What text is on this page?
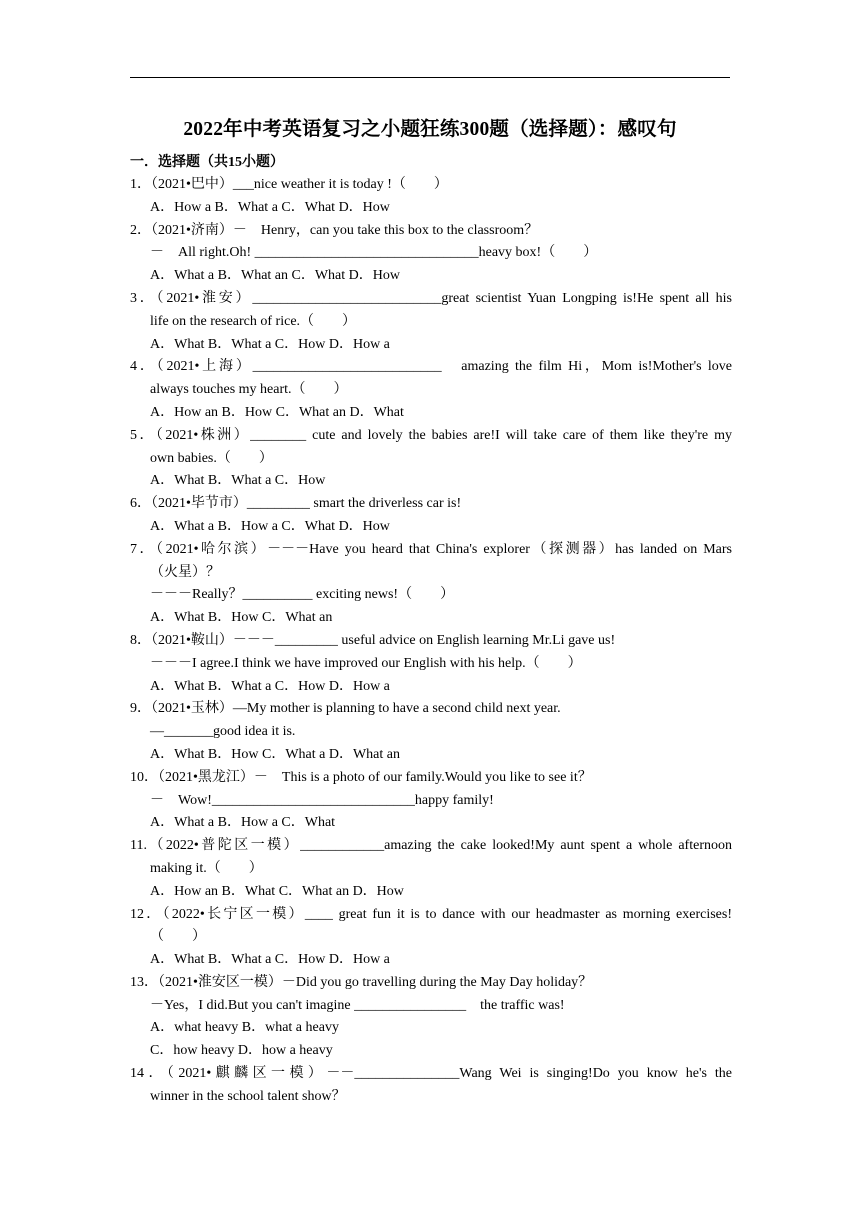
2022年中考英语复习之小题狂练300题（选择题）：感叹句
一．选择题（共15小题）
1．（2021•巴中）___nice weather it is today !（　　）
A．How a B．What a C．What D．How
2．（2021•济南）－　Henry，can you take this box to the classroom？
－　All right.Oh! ________________________________heavy box!（　　）
A．What a B．What an C．What D．How
3．（2021•淮安）___________________________great scientist Yuan Longping is!He spent all his
life on the research of rice.（　　）
A．What B．What a C．How D．How a
4．（2021•上海）___________________________　amazing the film Hi，Mom is!Mother's love
always touches my heart.（　　）
A．How an B．How C．What an D．What
5．（2021•株洲）________ cute and lovely the babies are!I will take care of them like they're my
own babies.（　　）
A．What B．What a C．How
6．（2021•毕节市）_________ smart the driverless car is!
A．What a B．How a C．What D．How
7．（2021•哈尔滨）－－－Have you heard that China's explorer（探测器）has landed on Mars
（火星）？
－－－Really？__________ exciting news!（　　）
A．What B．How C．What an
8．（2021•鞍山）－－－_________ useful advice on English learning Mr.Li gave us!
－－－I agree.I think we have improved our English with his help.（　　）
A．What B．What a C．How D．How a
9．（2021•玉林）—My mother is planning to have a second child next year.
—_______good idea it is.
A．What B．How C．What a D．What an
10．（2021•黑龙江）－　This is a photo of our family.Would you like to see it？
－　Wow!_____________________________happy family!
A．What a B．How a C．What
11.（2022•普陀区一模）____________amazing the cake looked!My aunt spent a whole afternoon
making it.（　　）
A．How an B．What C．What an D．How
12．（2022•长宁区一模）____ great fun it is to dance with our headmaster as morning exercises!
（　　）
A．What B．What a C．How D．How a
13．（2021•淮安区一模）－Did you go travelling during the May Day holiday？
－Yes，I did.But you can't imagine ________________　the traffic was!
A．what heavy B．what a heavy
C．how heavy D．how a heavy
14．（2021•麒麟区一模）－－_______________Wang Wei is singing!Do you know he's the
winner in the school talent show？
